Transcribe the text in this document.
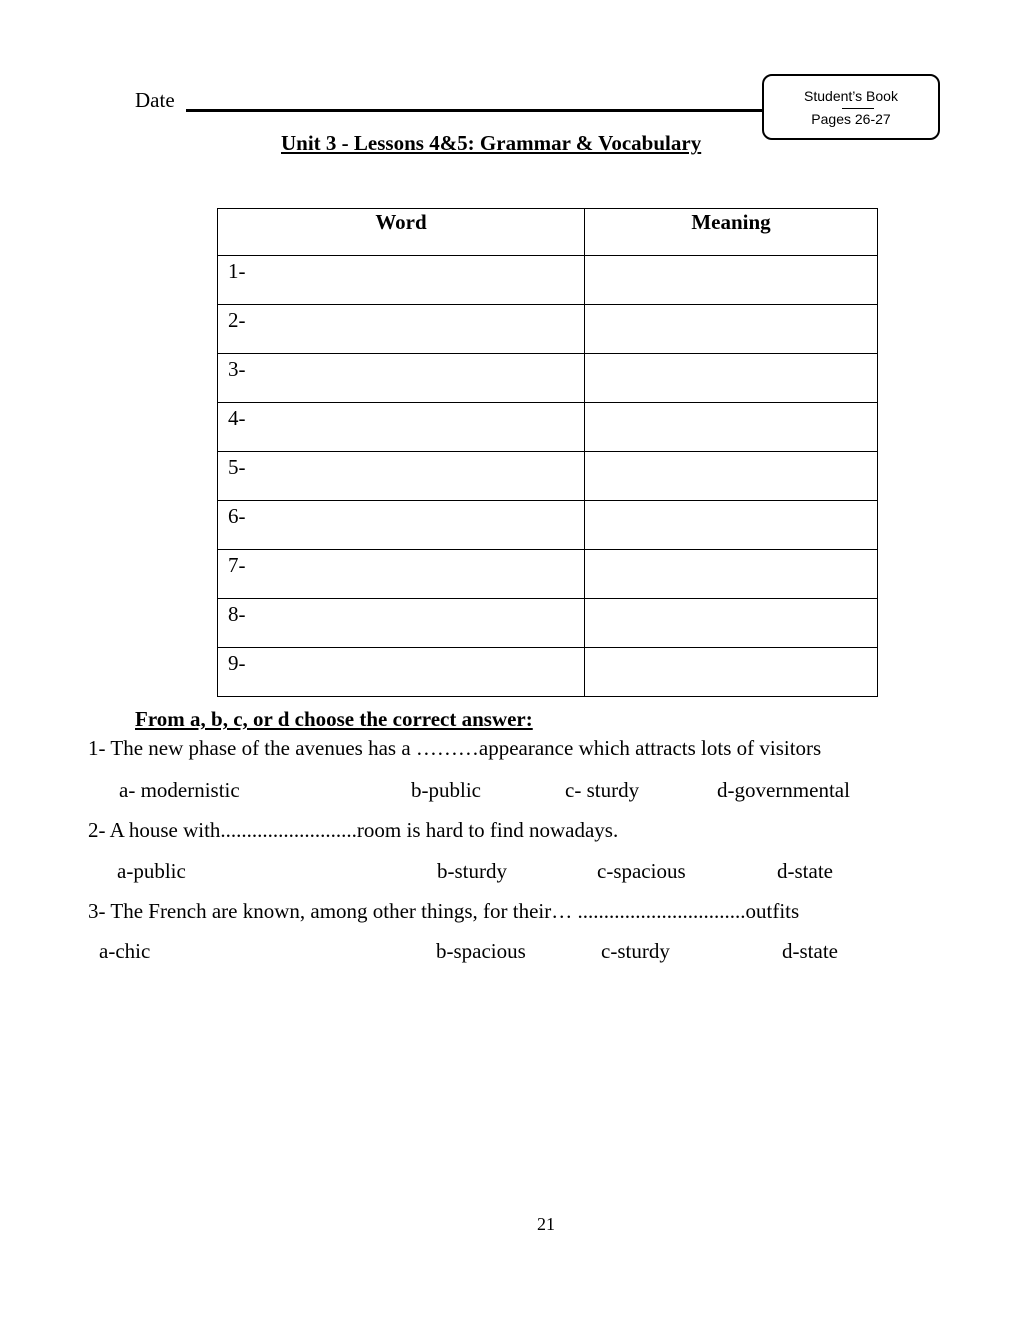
Date	Student’s Book
Pages 26-27
Unit 3 - Lessons 4&5: Grammar & Vocabulary
Word	Meaning
1-	
2-	
3-	
4-	
5-	
6-	
7-	
8-	
9-	
From a, b, c, or d choose the correct answer:
1- The new phase of the avenues has a ………appearance which attracts lots of visitors
a- modernistic	b-public	c- sturdy	d-governmental
2- A house with..........................room is hard to find nowadays.
a-public	b-sturdy	c-spacious	d-state
3- The French are known, among other things, for their… ................................outfits
a-chic	b-spacious	c-sturdy	d-state
21
